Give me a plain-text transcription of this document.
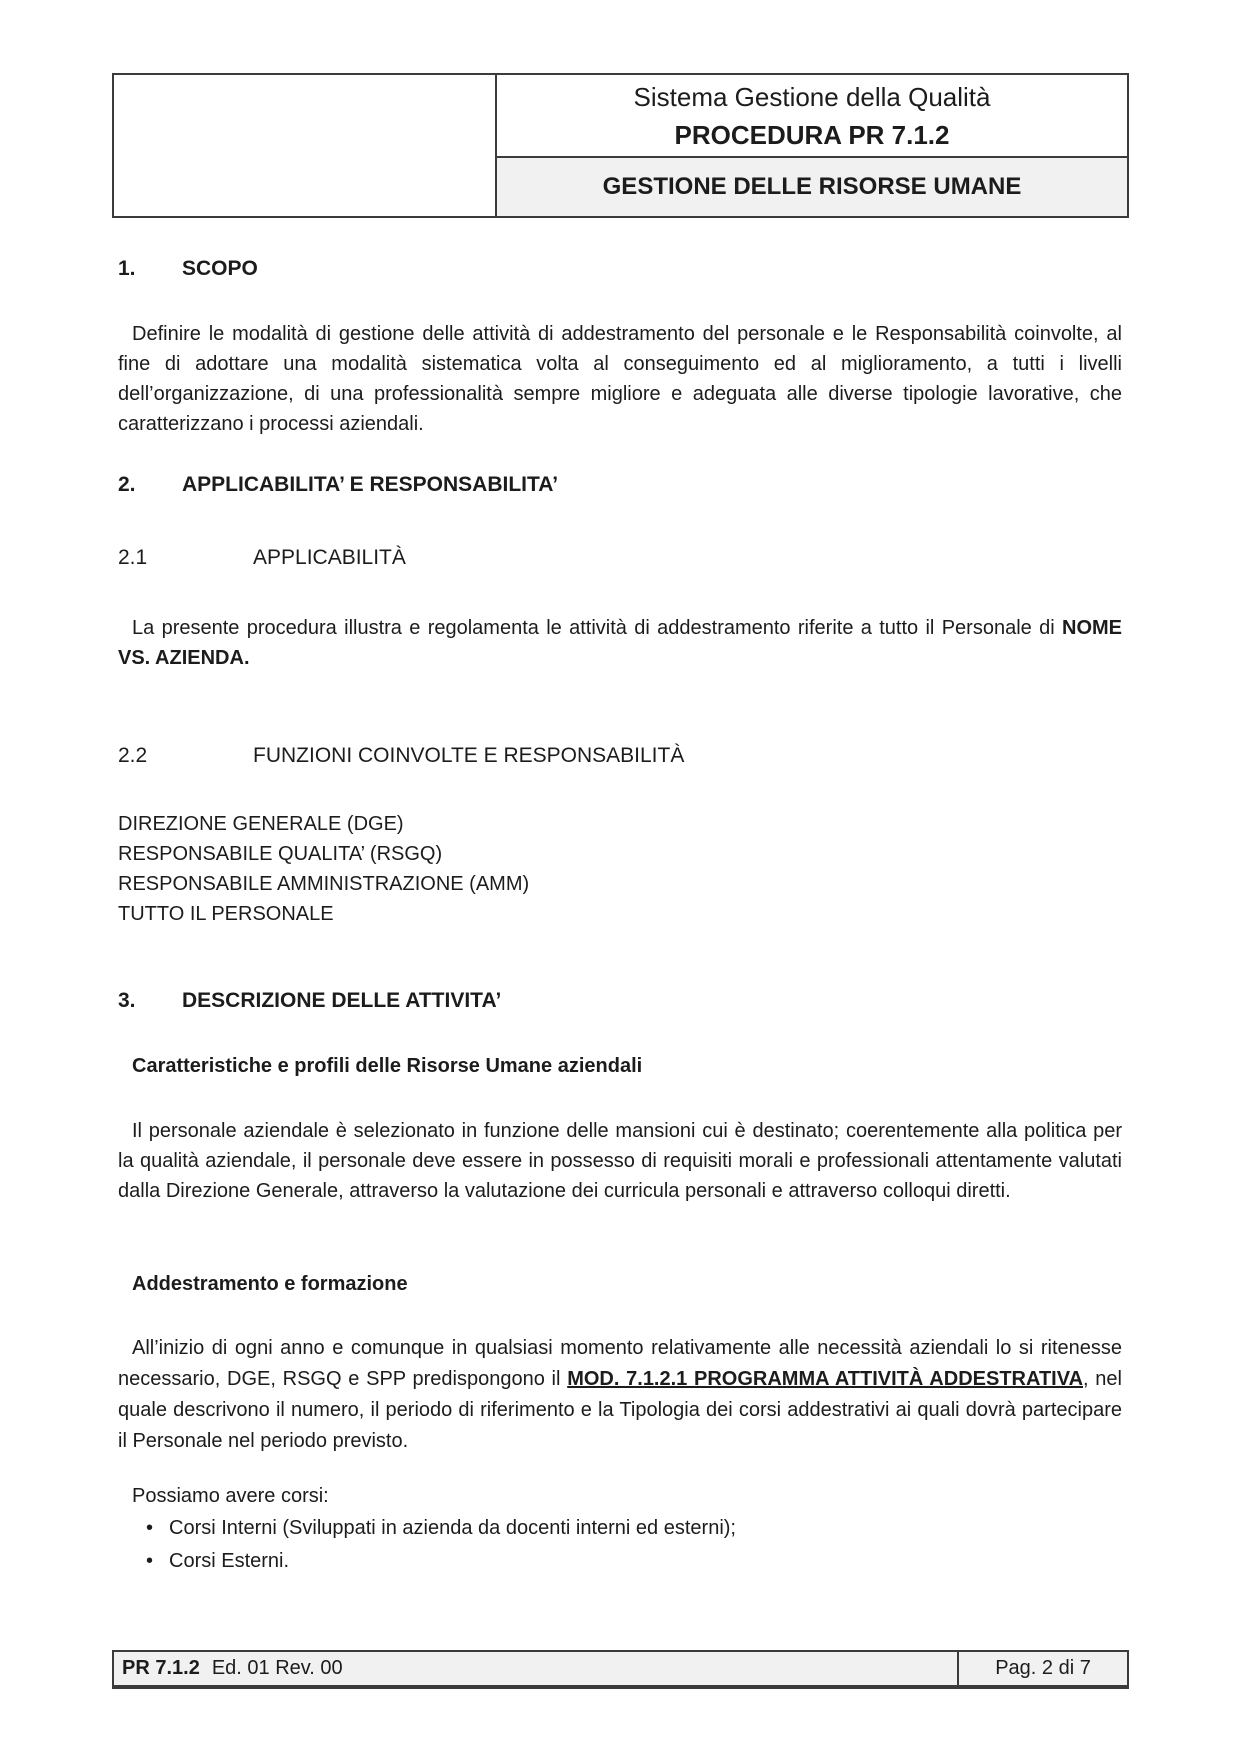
Sistema Gestione della Qualità
PROCEDURA PR 7.1.2
GESTIONE DELLE RISORSE UMANE
1. SCOPO
Definire le modalità di gestione delle attività di addestramento del personale e le Responsabilità coinvolte, al fine di adottare una modalità sistematica volta al conseguimento ed al miglioramento, a tutti i livelli dell’organizzazione, di una professionalità sempre migliore e adeguata alle diverse tipologie lavorative, che caratterizzano i processi aziendali.
2. APPLICABILITA’ E RESPONSABILITA’
2.1	APPLICABILITÀ
La presente procedura illustra e regolamenta le attività di addestramento riferite a tutto il Personale di NOME VS. AZIENDA.
2.2	FUNZIONI COINVOLTE E RESPONSABILITÀ
DIREZIONE GENERALE (DGE)
RESPONSABILE QUALITA’ (RSGQ)
RESPONSABILE AMMINISTRAZIONE (AMM)
TUTTO IL PERSONALE
3. DESCRIZIONE DELLE ATTIVITA’
Caratteristiche e profili delle Risorse Umane aziendali
Il personale aziendale è selezionato in funzione delle mansioni cui è destinato; coerentemente alla politica per la qualità aziendale, il personale deve essere in possesso di requisiti morali e professionali attentamente valutati dalla Direzione Generale, attraverso la valutazione dei curricula personali e attraverso colloqui diretti.
Addestramento e formazione
All’inizio di ogni anno e comunque in qualsiasi momento relativamente alle necessità aziendali lo si ritenesse necessario, DGE, RSGQ e SPP predispongono il MOD. 7.1.2.1 PROGRAMMA ATTIVITÀ ADDESTRATIVA, nel quale descrivono il numero, il periodo di riferimento e la Tipologia dei corsi addestrativi ai quali dovrà partecipare il Personale nel periodo previsto.
Possiamo avere corsi:
• Corsi Interni (Sviluppati in azienda da docenti interni ed esterni);
• Corsi Esterni.
PR 7.1.2 Ed. 01 Rev. 00	Pag. 2 di 7
